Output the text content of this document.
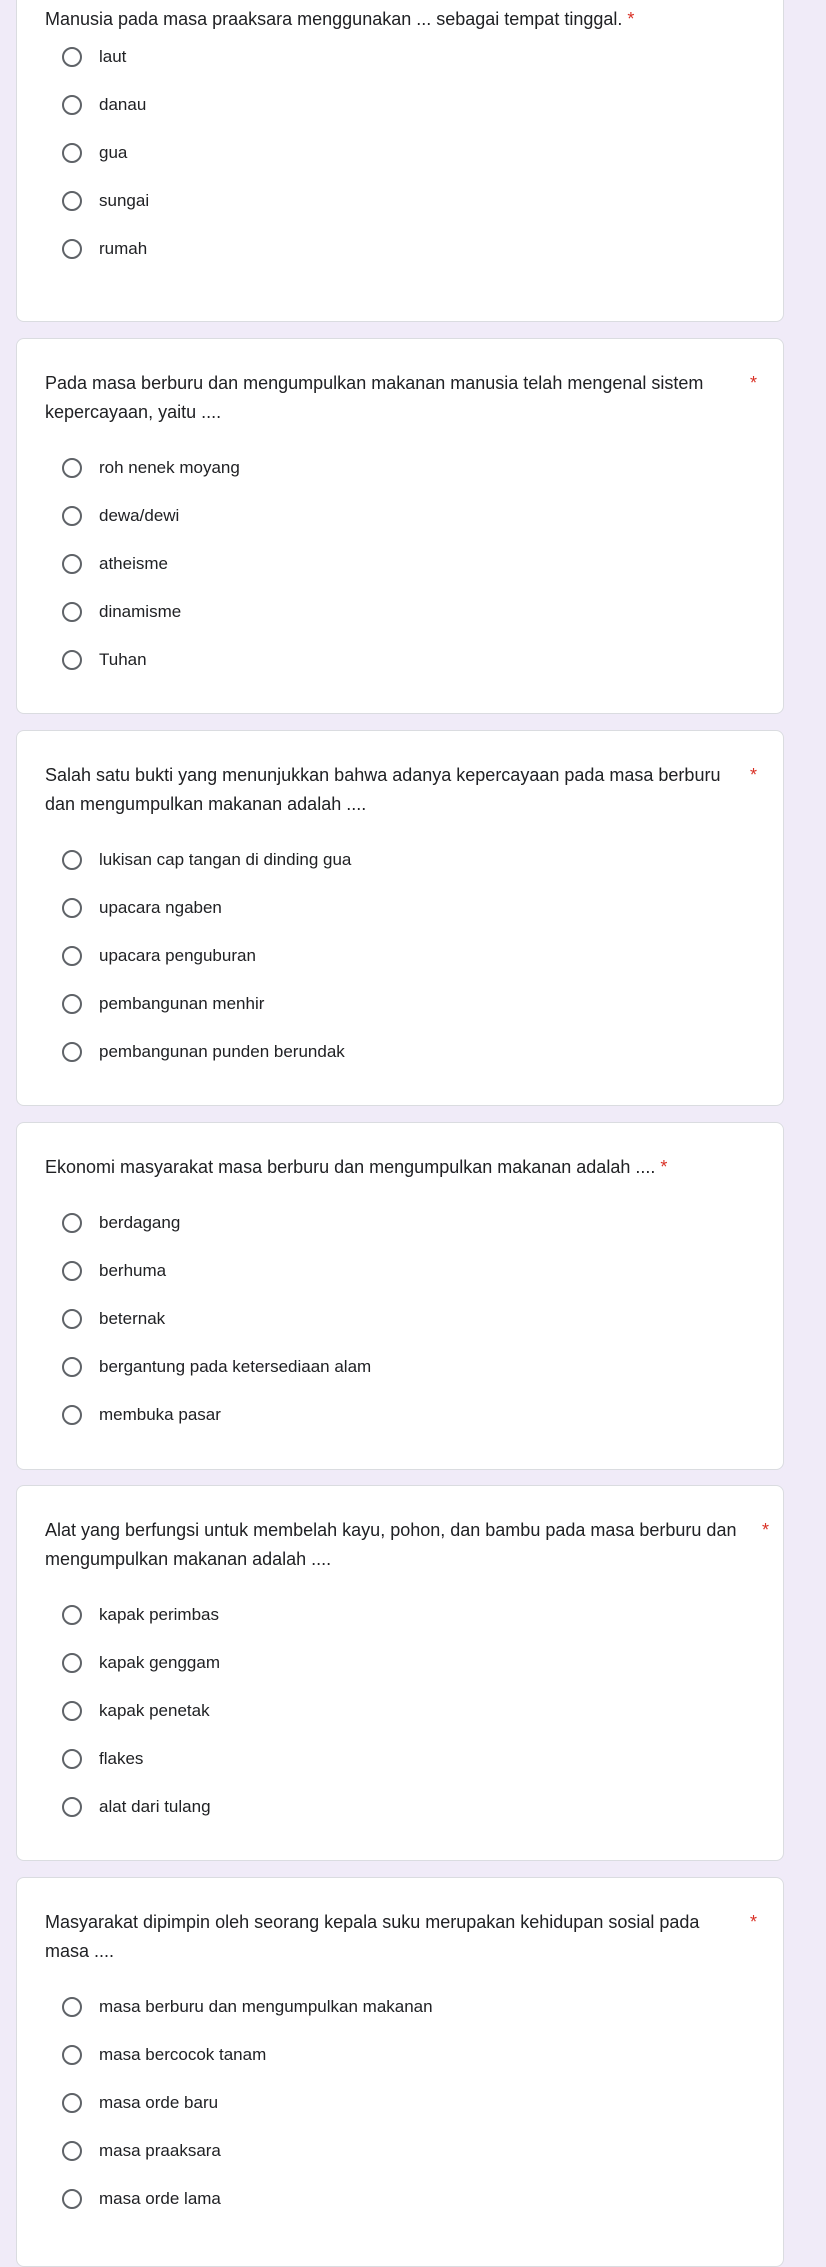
Manusia pada masa praaksara menggunakan ... sebagai tempat tinggal. *
laut
danau
gua
sungai
rumah
Pada masa berburu dan mengumpulkan makanan manusia telah mengenal sistem kepercayaan, yaitu ....
*
roh nenek moyang
dewa/dewi
atheisme
dinamisme
Tuhan
Salah satu bukti yang menunjukkan bahwa adanya kepercayaan pada masa berburu dan mengumpulkan makanan adalah ....
*
lukisan cap tangan di dinding gua
upacara ngaben
upacara penguburan
pembangunan menhir
pembangunan punden berundak
Ekonomi masyarakat masa berburu dan mengumpulkan makanan adalah .... *
berdagang
berhuma
beternak
bergantung pada ketersediaan alam
membuka pasar
Alat yang berfungsi untuk membelah kayu, pohon, dan bambu pada masa berburu dan mengumpulkan makanan adalah ....
*
kapak perimbas
kapak genggam
kapak penetak
flakes
alat dari tulang
Masyarakat dipimpin oleh seorang kepala suku merupakan kehidupan sosial pada masa ....
*
masa berburu dan mengumpulkan makanan
masa bercocok tanam
masa orde baru
masa praaksara
masa orde lama
